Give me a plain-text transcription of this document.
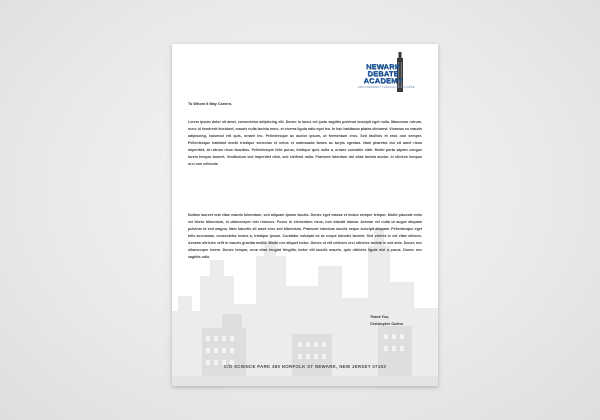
NEWARK
DEBATE
ACADEMY
EMPOWERMENT THROUGH DISCOURSE
To Whom It May Conern,

Lorem ipsum dolor sit amet, consectetur adipiscing elit. Donec in lacus vel justo sagittis pulvinar suscipit eget nulla. Maecenas rutrum, nunc id hendrerit tincidunt, mauris nulla lacinia nunc, et viverra ligula odio eget leo. In hac habitasse platea dictumst. Vivamus eu mauris adipiscing, euismod elit quis, ornare leo. Pellentesque ac auctor ipsum, ut fermentum eros. Sed facilisis et eros non semper. Pellentesque habitant morbi tristique senectus et netus et malesuada fames ac turpis egestas. Nam pharetra dui sit amet risus imperdiet, at rutrum risus faucibus. Pellentesque felis purus, tristique quis nulla a, ornare convallis nibh. Morbi porta sapien congue lorem tempor laoreet. Vestibulum sed imperdiet nibh, sed eleifend nulla. Praesent interdum dui vitae lacinia auctor. In ultrices tempus orci non vehicula.

Nullam laoreet erat vitae mauris bibendum, sed aliquam ipsum iaculis. Donec eget massa et lectus semper tempor. Morbi placerat enim vel libero bibendum, in ullamcorper nisl rhoncus. Fusce in elementum risus, non blandit massa. Aenean vel nulla ut augue aliquam pulvinar id sed magna. Nam lobortis sit amet eros sed bibendum. Praesent interdum iaculis neque suscipit aliquam. Pellentesque eget felis accumsan, consectetur lectus a, tristique ipsum. Curabitur volutpat mi ac neque lobortis laoreet. Sed viverra in est vitae ultrices. Aenean ultricies velit in mauris gravida mollis. Morbi nec aliquet tortor. Donec ut elit ultricies orci ultricies lacinia in sed ante. Donec nec ullamcorper lorem. Donec tempor, urna vitae feugiat fringilla, tortor elit iaculis mauris, quis ultricies ligula nisi a purus. Donec nec sagittis odio.

Thank You,
Christopher Outino
C/O SCIENCE PARK 360 NORFOLK ST NEWARK, NEW JERSEY 07103
